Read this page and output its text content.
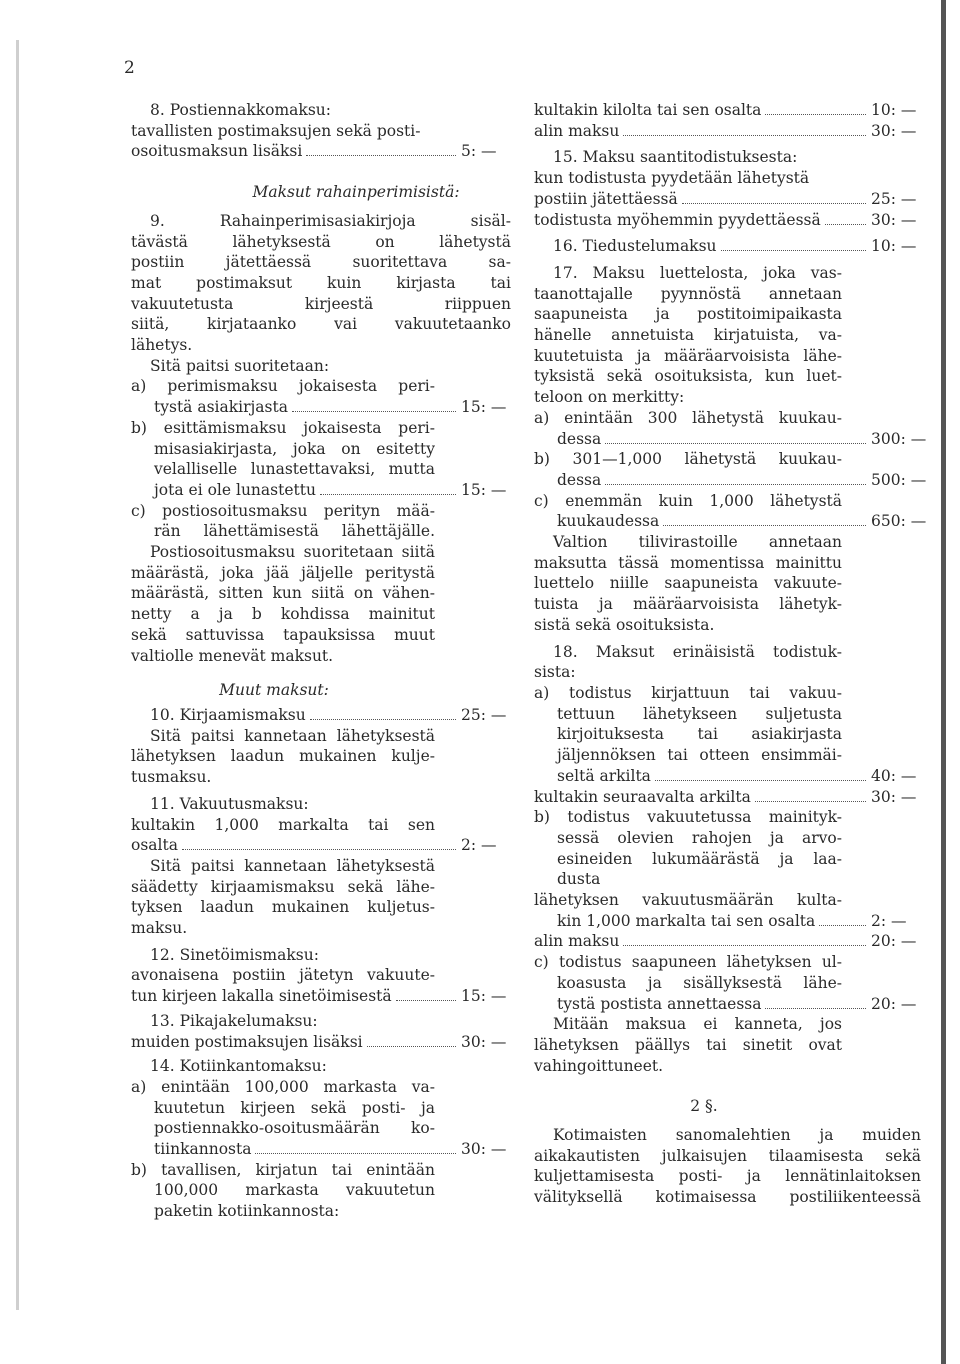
2
8. Postiennakkomaksu:
tavallisten postimaksujen sekä posti-
osoitusmaksun lisäksi	5: —
Maksut rahainperimisistä:
9. Rahainperimisasiakirjoja sisäl-
tävästä lähetyksestä on lähetystä
postiin jätettäessä suoritettava sa-
mat postimaksut kuin kirjasta tai
vakuutetusta kirjeestä riippuen
siitä, kirjataanko vai vakuutetaanko
lähetys.
Sitä paitsi suoritetaan:
a) perimismaksu jokaisesta peri-
tystä asiakirjasta	15: —
b) esittämismaksu jokaisesta peri-
misasiakirjasta, joka on esitetty
velalliselle lunastettavaksi, mutta
jota ei ole lunastettu	15: —
c) postiosoitusmaksu perityn mää-
rän lähettämisestä lähettäjälle.
Postiosoitusmaksu suoritetaan siitä
määrästä, joka jää jäljelle peritystä
määrästä, sitten kun siitä on vähen-
netty a ja b kohdissa mainitut
sekä sattuvissa tapauksissa muut
valtiolle menevät maksut.
Muut maksut:
10. Kirjaamismaksu	25: —
Sitä paitsi kannetaan lähetyksestä
lähetyksen laadun mukainen kulje-
tusmaksu.
11. Vakuutusmaksu:
kultakin 1,000 markalta tai sen
osalta	2: —
Sitä paitsi kannetaan lähetyksestä
säädetty kirjaamismaksu sekä lähe-
tyksen laadun mukainen kuljetus-
maksu.
12. Sinetöimismaksu:
avonaisena postiin jätetyn vakuute-
tun kirjeen lakalla sinetöimisestä	15: —
13. Pikajakelumaksu:
muiden postimaksujen lisäksi	30: —
14. Kotiinkantomaksu:
a) enintään 100,000 markasta va-
kuutetun kirjeen sekä posti- ja
postiennakko-osoitusmäärän ko-
tiinkannosta	30: —
b) tavallisen, kirjatun tai enintään
100,000 markasta vakuutetun
paketin kotiinkannosta:
kultakin kilolta tai sen osalta	10: —
alin maksu	30: —
15. Maksu saantitodistuksesta:
kun todistusta pyydetään lähetystä
postiin jätettäessä	25: —
todistusta myöhemmin pyydettäessä	30: —
16. Tiedustelumaksu	10: —
17. Maksu luettelosta, joka vas-
taanottajalle pyynnöstä annetaan
saapuneista ja postitoimipaikasta
hänelle annetuista kirjatuista, va-
kuutetuista ja määräarvoisista lähe-
tyksistä sekä osoituksista, kun luet-
teloon on merkitty:
a) enintään 300 lähetystä kuukau-
dessa	300: —
b) 301—1,000 lähetystä kuukau-
dessa	500: —
c) enemmän kuin 1,000 lähetystä
kuukaudessa	650: —
Valtion tilivirastoille annetaan
maksutta tässä momentissa mainittu
luettelo niille saapuneista vakuute-
tuista ja määräarvoisista lähetyk-
sistä sekä osoituksista.
18. Maksut erinäisistä todistuk-
sista:
a) todistus kirjattuun tai vakuu-
tettuun lähetykseen suljetusta
kirjoituksesta tai asiakirjasta
jäljennöksen tai otteen ensimmäi-
seltä arkilta	40: —
kultakin seuraavalta arkilta	30: —
b) todistus vakuutetussa mainityk-
sessä olevien rahojen ja arvo-
esineiden lukumäärästä ja laa-
dusta
lähetyksen vakuutusmäärän kulta-
kin 1,000 markalta tai sen osalta	2: —
alin maksu	20: —
c) todistus saapuneen lähetyksen ul-
koasusta ja sisällyksestä lähe-
tystä postista annettaessa	20: —
Mitään maksua ei kanneta, jos
lähetyksen päällys tai sinetit ovat
vahingoittuneet.
2 §.
Kotimaisten sanomalehtien ja muiden
aikakautisten julkaisujen tilaamisesta sekä
kuljettamisesta posti- ja lennätinlaitoksen
välityksellä kotimaisessa postiliikenteessä
